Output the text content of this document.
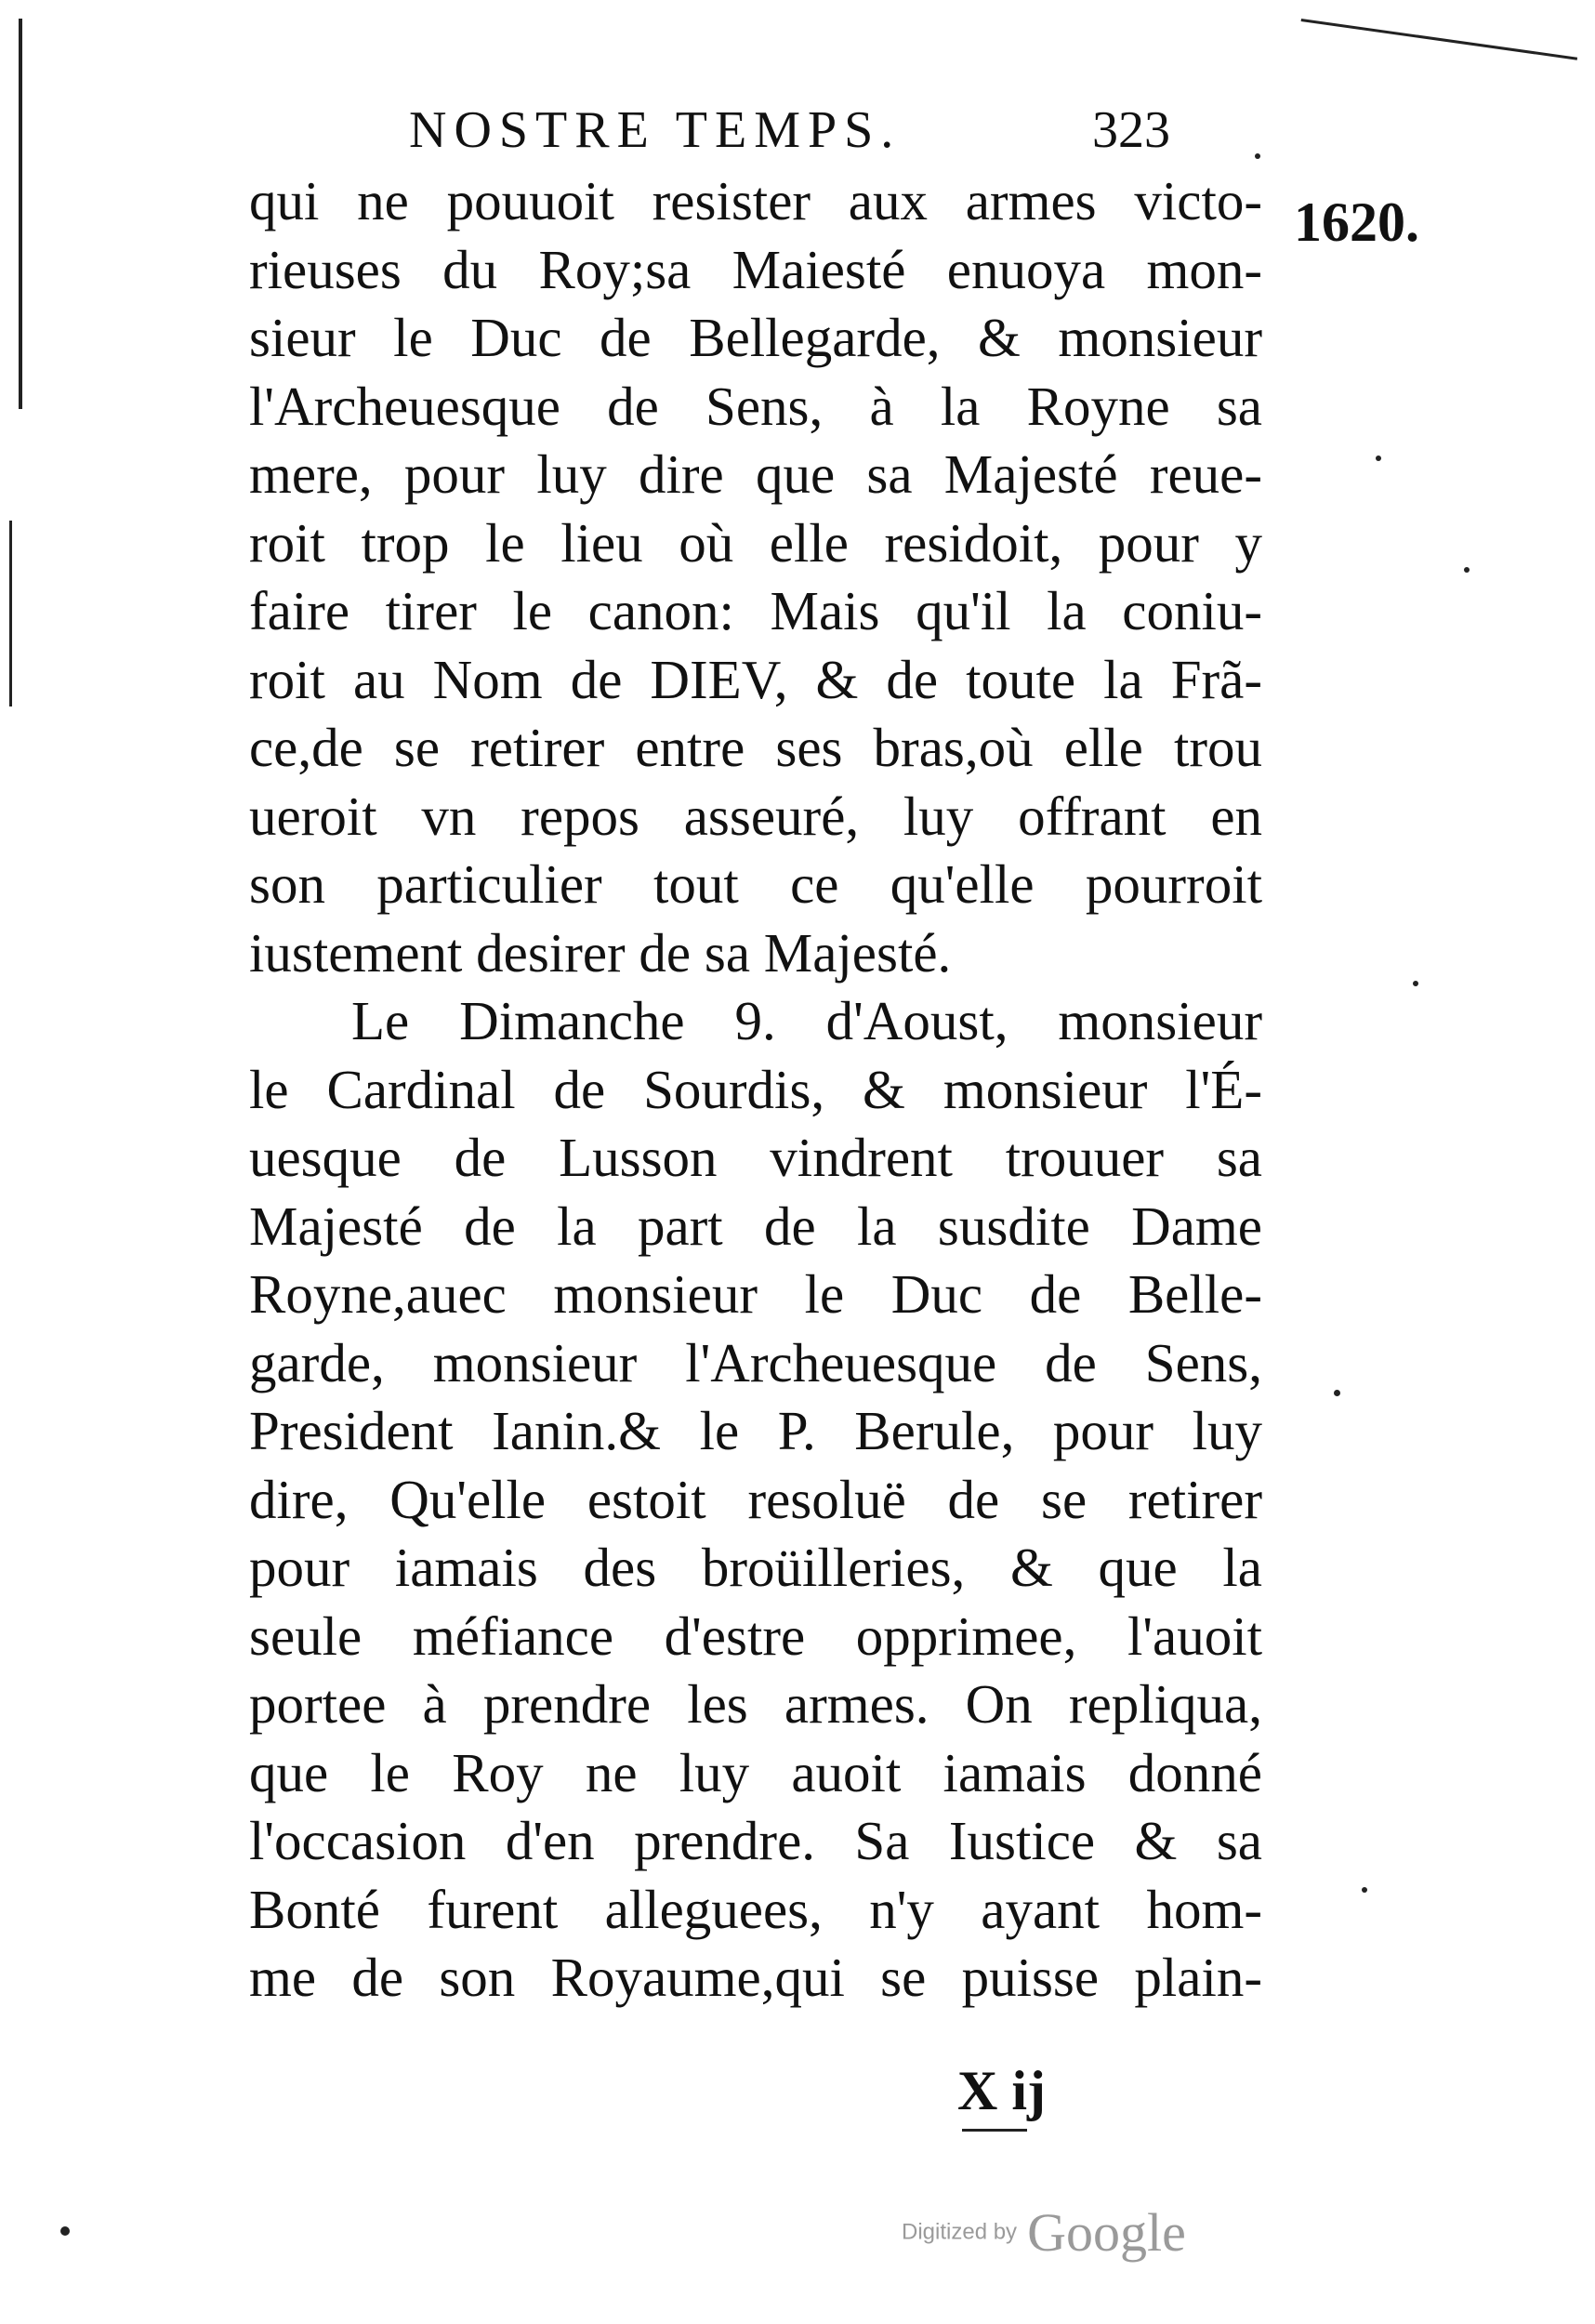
NOSTRE TEMPS.	323
1620.
qui ne pouuoit resister aux armes victo-
rieuses du Roy;sa Maiesté enuoya mon-
sieur le Duc de Bellegarde, & monsieur
l'Archeuesque de Sens, à la Royne sa
mere, pour luy dire que sa Majesté reue-
roit trop le lieu où elle residoit, pour y
faire tirer le canon: Mais qu'il la coniu-
roit au Nom de DIEV, & de toute la Frã-
ce,de se retirer entre ses bras,où elle trou
ueroit vn repos asseuré, luy offrant en
son particulier tout ce qu'elle pourroit
iustement desirer de sa Majesté.
Le Dimanche 9. d'Aoust, monsieur
le Cardinal de Sourdis, & monsieur l'É-
uesque de Lusson vindrent trouuer sa
Majesté de la part de la susdite Dame
Royne,auec monsieur le Duc de Belle-
garde, monsieur l'Archeuesque de Sens,
President Ianin.& le P. Berule, pour luy
dire, Qu'elle estoit resoluë de se retirer
pour iamais des broüilleries, & que la
seule méfiance d'estre opprimee, l'auoit
portee à prendre les armes. On repliqua,
que le Roy ne luy auoit iamais donné
l'occasion d'en prendre. Sa Iustice & sa
Bonté furent alleguees, n'y ayant hom-
me de son Royaume,qui se puisse plain-
X ij
Digitized by Google
